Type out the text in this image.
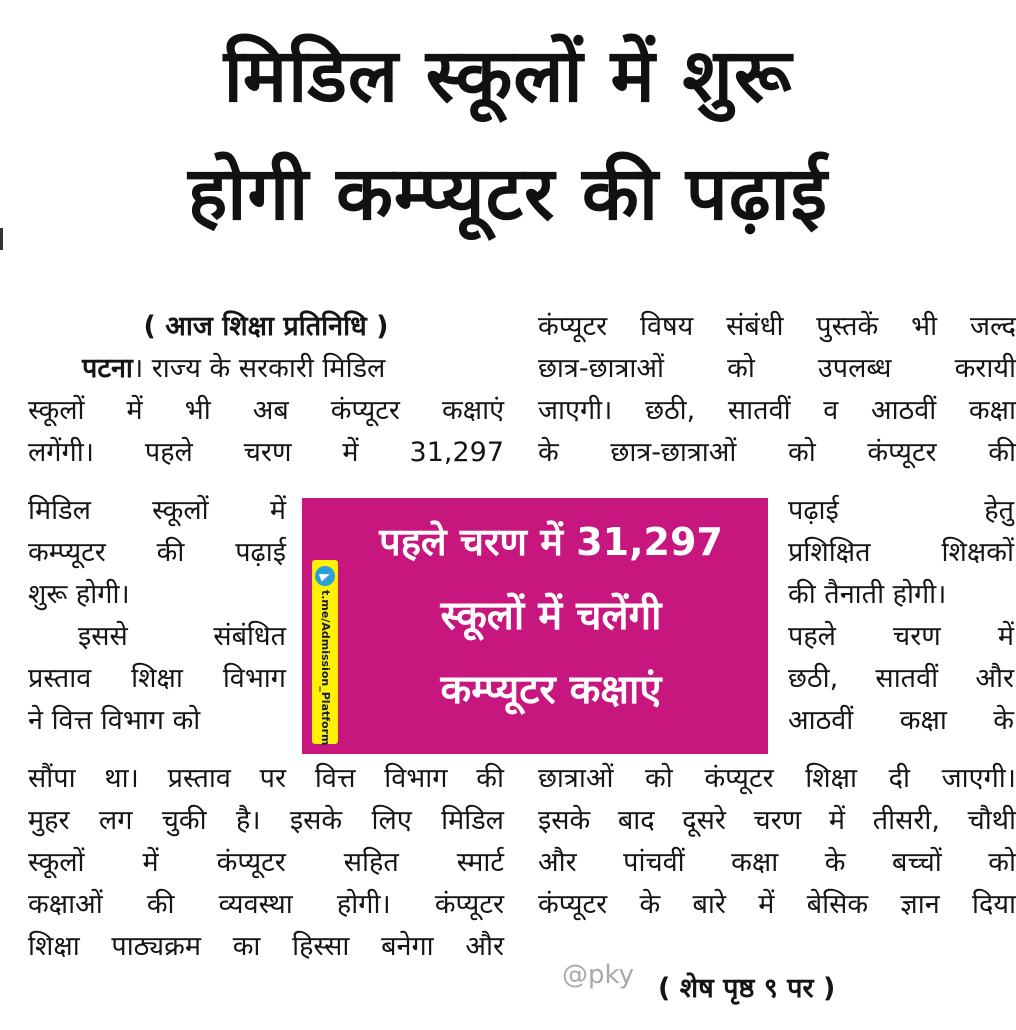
मिडिल स्कूलों में शुरू
होगी कम्प्यूटर की पढ़ाई
( आज शिक्षा प्रतिनिधि )
पटना। राज्य के सरकारी मिडिल
स्कूलों में भी अब कंप्यूटर कक्षाएं
लगेंगी। पहले चरण में 31,297
मिडिल स्कूलों में
कम्प्यूटर की पढ़ाई
शुरू होगी।
इससे संबंधित
प्रस्ताव शिक्षा विभाग
ने वित्त विभाग को
सौंपा था। प्रस्ताव पर वित्त विभाग की
मुहर लग चुकी है। इसके लिए मिडिल
स्कूलों में कंप्यूटर सहित स्मार्ट
कक्षाओं की व्यवस्था होगी। कंप्यूटर
शिक्षा पाठ्यक्रम का हिस्सा बनेगा और
कंप्यूटर विषय संबंधी पुस्तकें भी जल्द
छात्र-छात्राओं को उपलब्ध करायी
जाएगी। छठी, सातवीं व आठवीं कक्षा
के छात्र-छात्राओं को कंप्यूटर की
पढ़ाई हेतु
प्रशिक्षित शिक्षकों
की तैनाती होगी।
पहले चरण में
छठी, सातवीं और
आठवीं कक्षा के
छात्राओं को कंप्यूटर शिक्षा दी जाएगी।
इसके बाद दूसरे चरण में तीसरी, चौथी
और पांचवीं कक्षा के बच्चों को
कंप्यूटर के बारे में बेसिक ज्ञान दिया
( शेष पृष्ठ ९ पर )
t.me/Admission_Platform
पहले चरण में 31,297
स्कूलों में चलेंगी
कम्प्यूटर कक्षाएं
@pky
